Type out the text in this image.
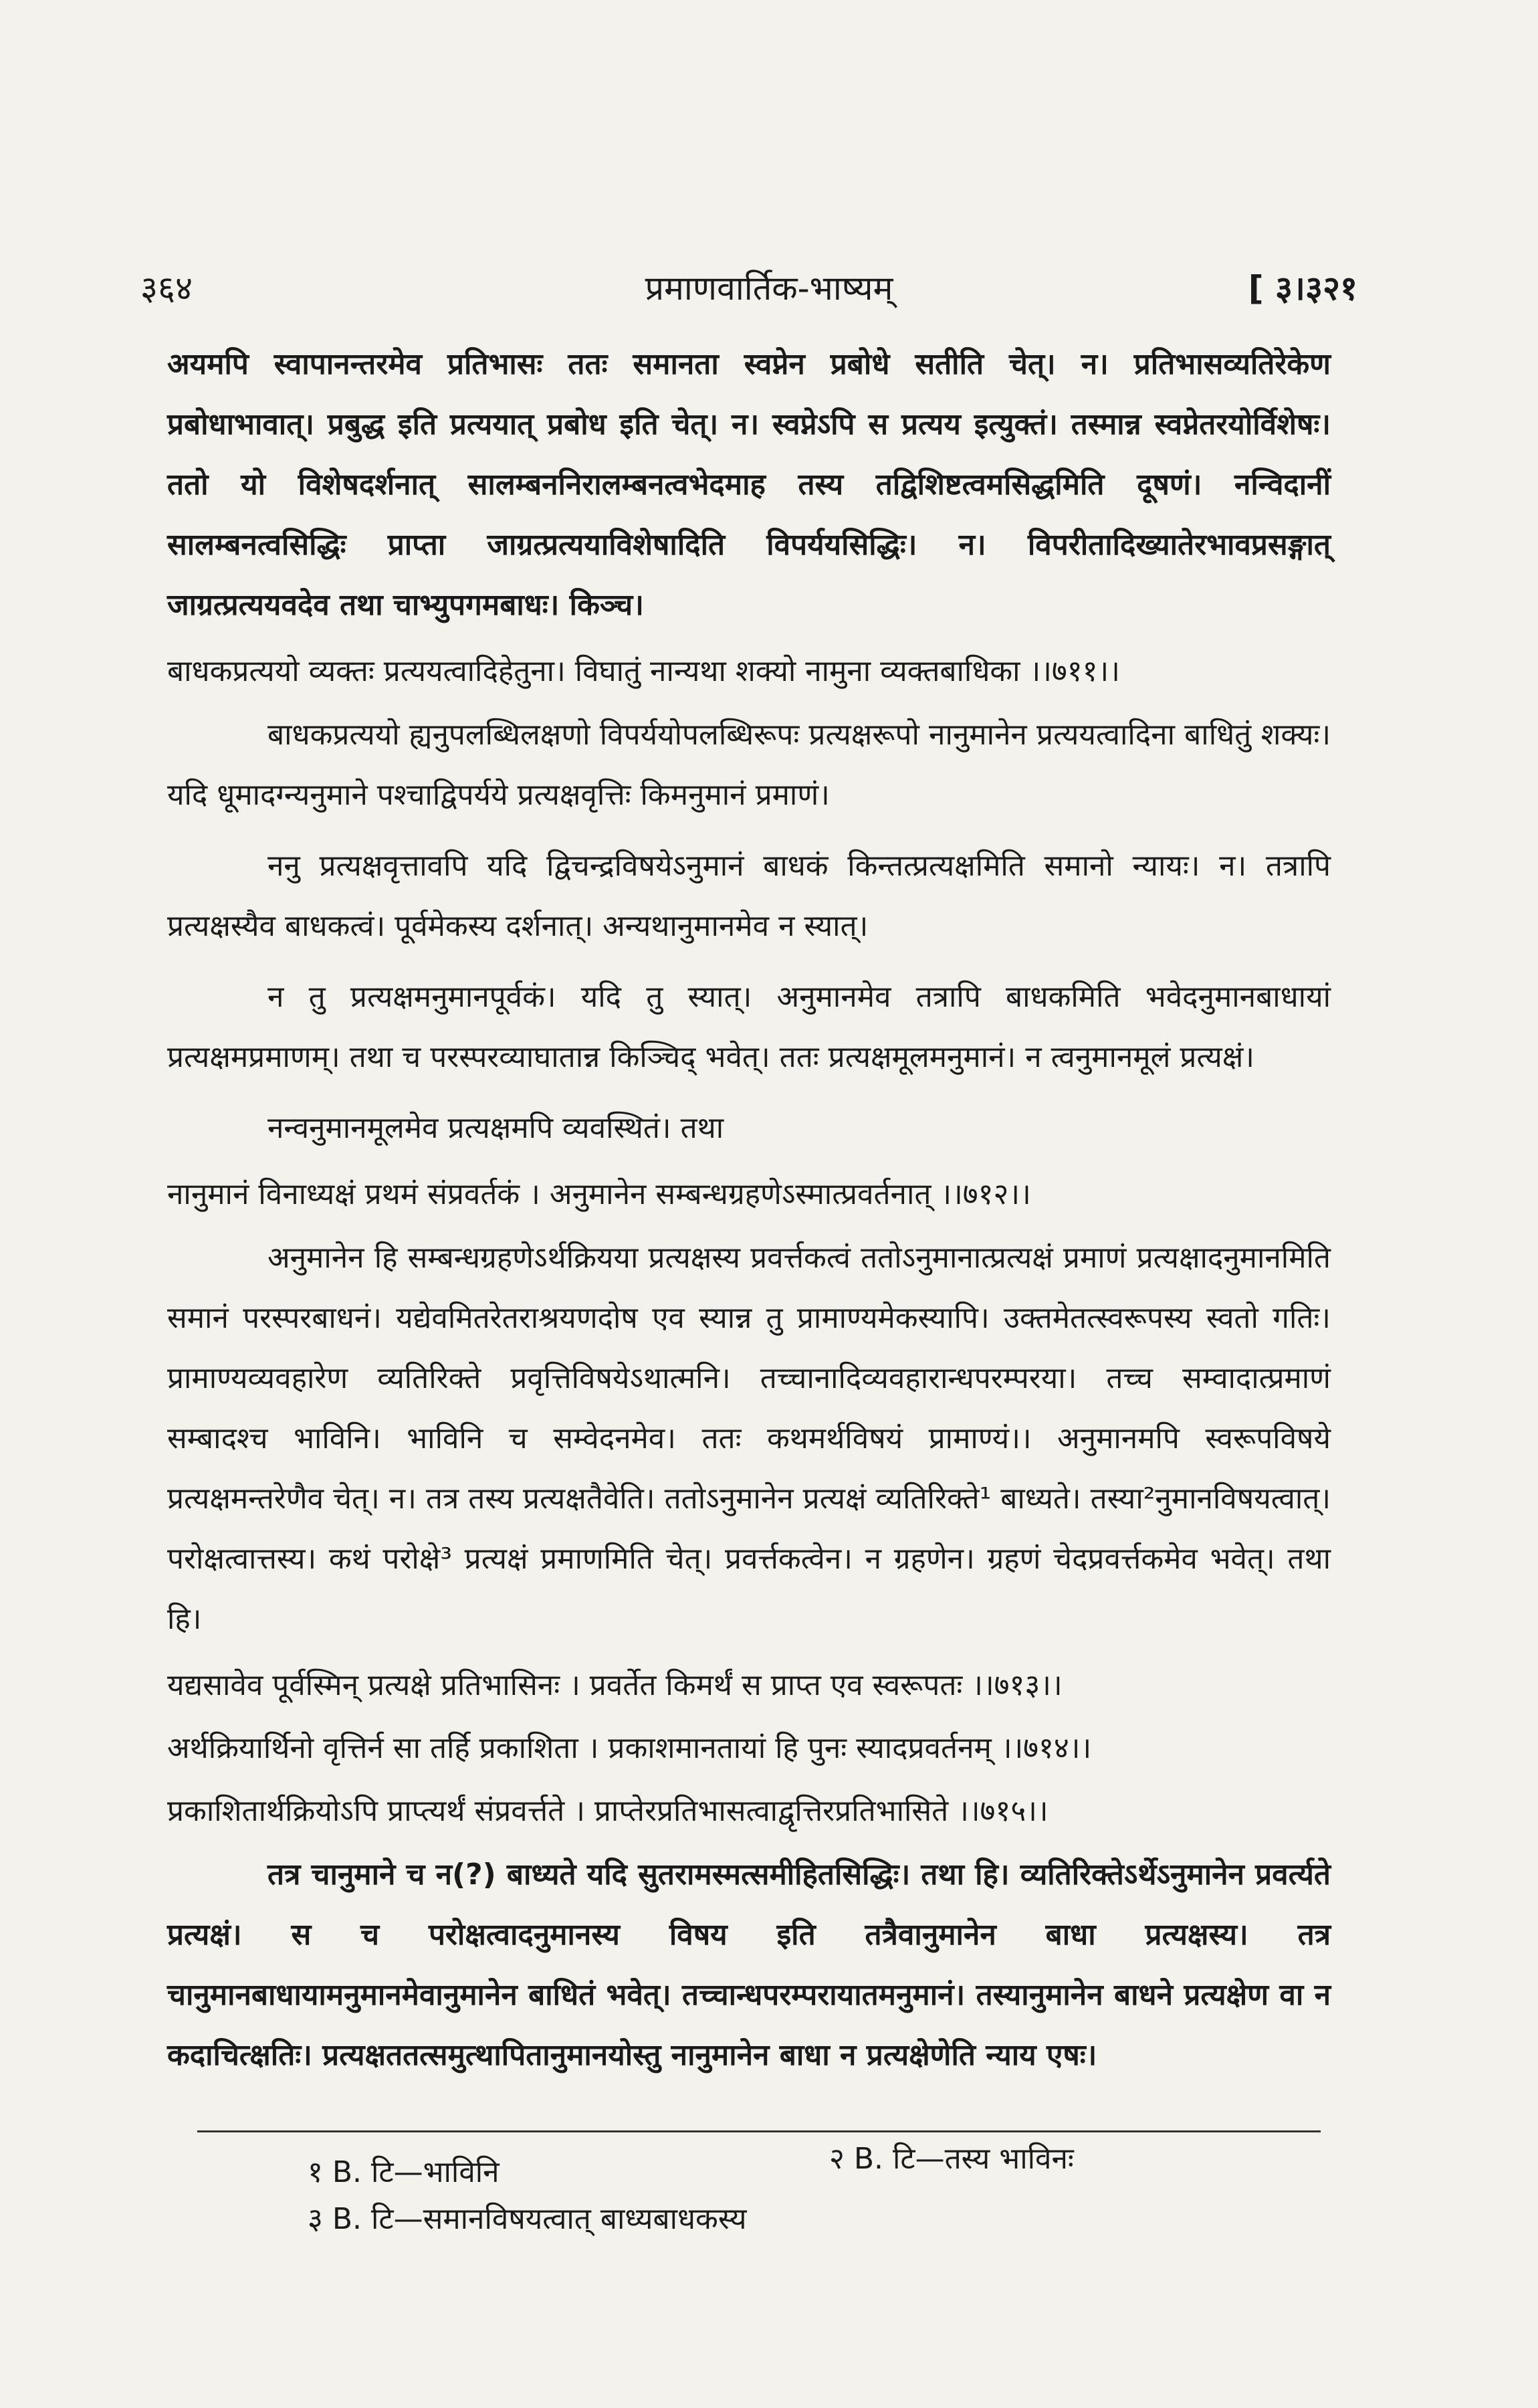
३६४	प्रमाणवार्तिक-भाष्यम्	[ ३।३२१

अयमपि स्वापानन्तरमेव प्रतिभासः ततः समानता स्वप्नेन प्रबोधे सतीति चेत्। न। प्रतिभासव्यतिरेकेण प्रबोधाभावात्। प्रबुद्ध इति प्रत्ययात् प्रबोध इति चेत्। न। स्वप्नेऽपि स प्रत्यय इत्युक्तं। तस्मान्न स्वप्नेतरयोर्विशेषः। ततो यो विशेषदर्शनात् सालम्बननिरालम्बनत्वभेदमाह तस्य तद्विशिष्टत्वमसिद्धमिति दूषणं। नन्विदानीं सालम्बनत्वसिद्धिः प्राप्ता जाग्रत्प्रत्ययाविशेषादिति विपर्ययसिद्धिः। न। विपरीतादिख्यातेरभावप्रसङ्गात् जाग्रत्प्रत्ययवदेव तथा चाभ्युपगमबाधः। किञ्च।

बाधकप्रत्ययो व्यक्तः प्रत्ययत्वादिहेतुना। विघातुं नान्यथा शक्यो नामुना व्यक्तबाधिका ।।७११।।

बाधकप्रत्ययो ह्यनुपलब्धिलक्षणो विपर्ययोपलब्धिरूपः प्रत्यक्षरूपो नानुमानेन प्रत्ययत्वादिना बाधितुं शक्यः। यदि धूमादग्न्यनुमाने पश्चाद्विपर्यये प्रत्यक्षवृत्तिः किमनुमानं प्रमाणं।

ननु प्रत्यक्षवृत्तावपि यदि द्विचन्द्रविषयेऽनुमानं बाधकं किन्तत्प्रत्यक्षमिति समानो न्यायः। न। तत्रापि प्रत्यक्षस्यैव बाधकत्वं। पूर्वमेकस्य दर्शनात्। अन्यथानुमानमेव न स्यात्।

न तु प्रत्यक्षमनुमानपूर्वकं। यदि तु स्यात्। अनुमानमेव तत्रापि बाधकमिति भवेदनुमानबाधायां प्रत्यक्षमप्रमाणम्। तथा च परस्परव्याघातान्न किञ्चिद् भवेत्। ततः प्रत्यक्षमूलमनुमानं। न त्वनुमानमूलं प्रत्यक्षं।

नन्वनुमानमूलमेव प्रत्यक्षमपि व्यवस्थितं। तथा

नानुमानं विनाध्यक्षं प्रथमं संप्रवर्तकं । अनुमानेन सम्बन्धग्रहणेऽस्मात्प्रवर्तनात् ।।७१२।।

अनुमानेन हि सम्बन्धग्रहणेऽर्थक्रियया प्रत्यक्षस्य प्रवर्त्तकत्वं ततोऽनुमानात्प्रत्यक्षं प्रमाणं प्रत्यक्षादनुमानमिति समानं परस्परबाधनं। यद्येवमितरेतराश्रयणदोष एव स्यान्न तु प्रामाण्यमेकस्यापि। उक्तमेतत्स्वरूपस्य स्वतो गतिः। प्रामाण्यव्यवहारेण व्यतिरिक्ते प्रवृत्तिविषयेऽथात्मनि। तच्चानादिव्यवहारान्धपरम्परया। तच्च सम्वादात्प्रमाणं सम्बादश्च भाविनि। भाविनि च सम्वेदनमेव। ततः कथमर्थविषयं प्रामाण्यं।। अनुमानमपि स्वरूपविषये प्रत्यक्षमन्तरेणैव चेत्। न। तत्र तस्य प्रत्यक्षतैवेति। ततोऽनुमानेन प्रत्यक्षं व्यतिरिक्ते¹ बाध्यते। तस्या²नुमानविषयत्वात्। परोक्षत्वात्तस्य। कथं परोक्षे³ प्रत्यक्षं प्रमाणमिति चेत्। प्रवर्त्तकत्वेन। न ग्रहणेन। ग्रहणं चेदप्रवर्त्तकमेव भवेत्। तथा हि।

यद्यसावेव पूर्वस्मिन् प्रत्यक्षे प्रतिभासिनः । प्रवर्तेत किमर्थं स प्राप्त एव स्वरूपतः ।।७१३।।

अर्थक्रियार्थिनो वृत्तिर्न सा तर्हि प्रकाशिता । प्रकाशमानतायां हि पुनः स्यादप्रवर्तनम् ।।७१४।।

प्रकाशितार्थक्रियोऽपि प्राप्त्यर्थं संप्रवर्त्तते । प्राप्तेरप्रतिभासत्वाद्वृत्तिरप्रतिभासिते ।।७१५।।

तत्र चानुमाने च न(?) बाध्यते यदि सुतरामस्मत्समीहितसिद्धिः। तथा हि। व्यतिरिक्तेऽर्थेऽनुमानेन प्रवर्त्यते प्रत्यक्षं। स च परोक्षत्वादनुमानस्य विषय इति तत्रैवानुमानेन बाधा प्रत्यक्षस्य। तत्र चानुमानबाधायामनुमानमेवानुमानेन बाधितं भवेत्। तच्चान्धपरम्परायातमनुमानं। तस्यानुमानेन बाधने प्रत्यक्षेण वा न कदाचित्क्षतिः। प्रत्यक्षततत्समुत्थापितानुमानयोस्तु नानुमानेन बाधा न प्रत्यक्षेणेति न्याय एषः।

१ B. टि—भाविनि	२ B. टि—तस्य भाविनः
३ B. टि—समानविषयत्वात् बाध्यबाधकस्य
